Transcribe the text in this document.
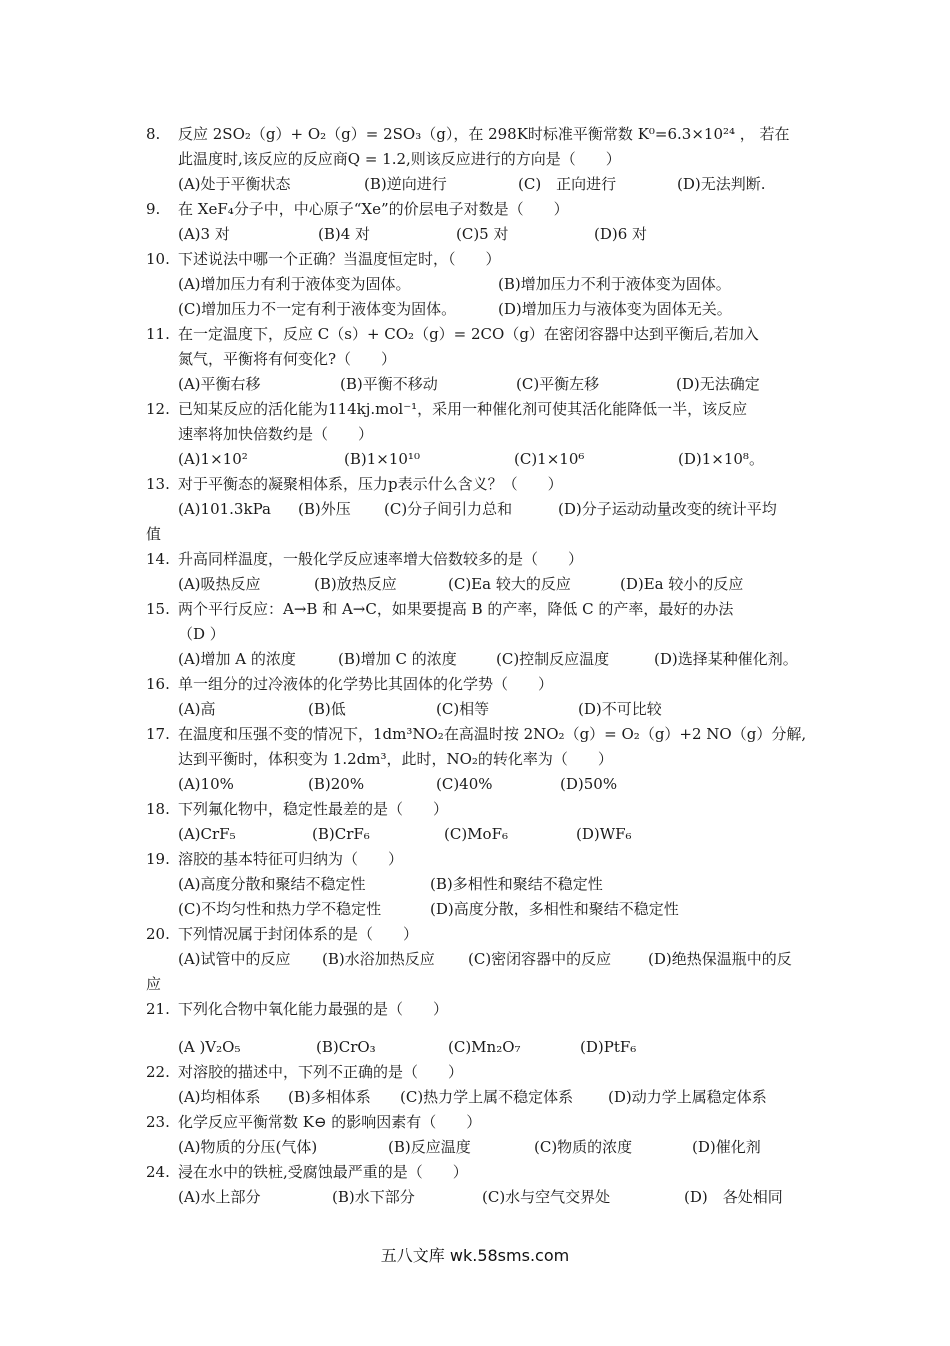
8. 反应 2SO₂（g）+ O₂（g）= 2SO₃（g），在 298K时标准平衡常数 K⁰=6.3×10²⁴ ， 若在
此温度时,该反应的反应商Q = 1.2,则该反应进行的方向是（　　）
(A)处于平衡状态	(B)逆向进行	(C)　正向进行	(D)无法判断.
9. 在 XeF₄分子中，中心原子“Xe”的价层电子对数是（　　）
(A)3 对	(B)4 对	(C)5 对	(D)6 对
10. 下述说法中哪一个正确？当温度恒定时，（　　）
(A)增加压力有利于液体变为固体。	(B)增加压力不利于液体变为固体。
(C)增加压力不一定有利于液体变为固体。	(D)增加压力与液体变为固体无关。
11. 在一定温度下，反应 C（s）+ CO₂（g）= 2CO（g）在密闭容器中达到平衡后,若加入
氮气，平衡将有何变化?（　　）
(A)平衡右移	(B)平衡不移动	(C)平衡左移	(D)无法确定
12. 已知某反应的活化能为114kj.mol⁻¹，采用一种催化剂可使其活化能降低一半，该反应
速率将加快倍数约是（　　）
(A)1×10²	(B)1×10¹⁰	(C)1×10⁶	(D)1×10⁸。
13. 对于平衡态的凝聚相体系，压力p表示什么含义？（　　）
(A)101.3kPa (B)外压 (C)分子间引力总和	(D)分子运动动量改变的统计平均
值
14. 升高同样温度，一般化学反应速率增大倍数较多的是（　　）
(A)吸热反应	(B)放热反应	(C)Ea 较大的反应	(D)Ea 较小的反应
15. 两个平行反应：A→B 和 A→C，如果要提高 B 的产率，降低 C 的产率，最好的办法
（D ）
(A)增加 A 的浓度	(B)增加 C 的浓度	(C)控制反应温度	(D)选择某种催化剂。
16. 单一组分的过冷液体的化学势比其固体的化学势（　　）
(A)高	(B)低	(C)相等	(D)不可比较
17. 在温度和压强不变的情况下，1dm³NO₂在高温时按 2NO₂（g）= O₂（g）+2 NO（g）分解,
达到平衡时，体积变为 1.2dm³，此时，NO₂的转化率为（　　）
(A)10%	(B)20%	(C)40%	(D)50%
18. 下列氟化物中，稳定性最差的是（　　）
(A)CrF₅	(B)CrF₆	(C)MoF₆	(D)WF₆
19. 溶胶的基本特征可归纳为（　　）
(A)高度分散和聚结不稳定性	(B)多相性和聚结不稳定性
(C)不均匀性和热力学不稳定性	(D)高度分散，多相性和聚结不稳定性
20. 下列情况属于封闭体系的是（　　）
(A)试管中的反应 (B)水浴加热反应 (C)密闭容器中的反应 (D)绝热保温瓶中的反
应
21. 下列化合物中氧化能力最强的是（　　）
(A )V₂O₅	(B)CrO₃	(C)Mn₂O₇	(D)PtF₆
22. 对溶胶的描述中，下列不正确的是（　　）
(A)均相体系 (B)多相体系 (C)热力学上属不稳定体系 (D)动力学上属稳定体系
23. 化学反应平衡常数 K⊖ 的影响因素有（　　）
(A)物质的分压(气体)	(B)反应温度	(C)物质的浓度	(D)催化剂
24. 浸在水中的铁桩,受腐蚀最严重的是（　　）
(A)水上部分	(B)水下部分	(C)水与空气交界处	(D)　各处相同
五八文库 wk.58sms.com
